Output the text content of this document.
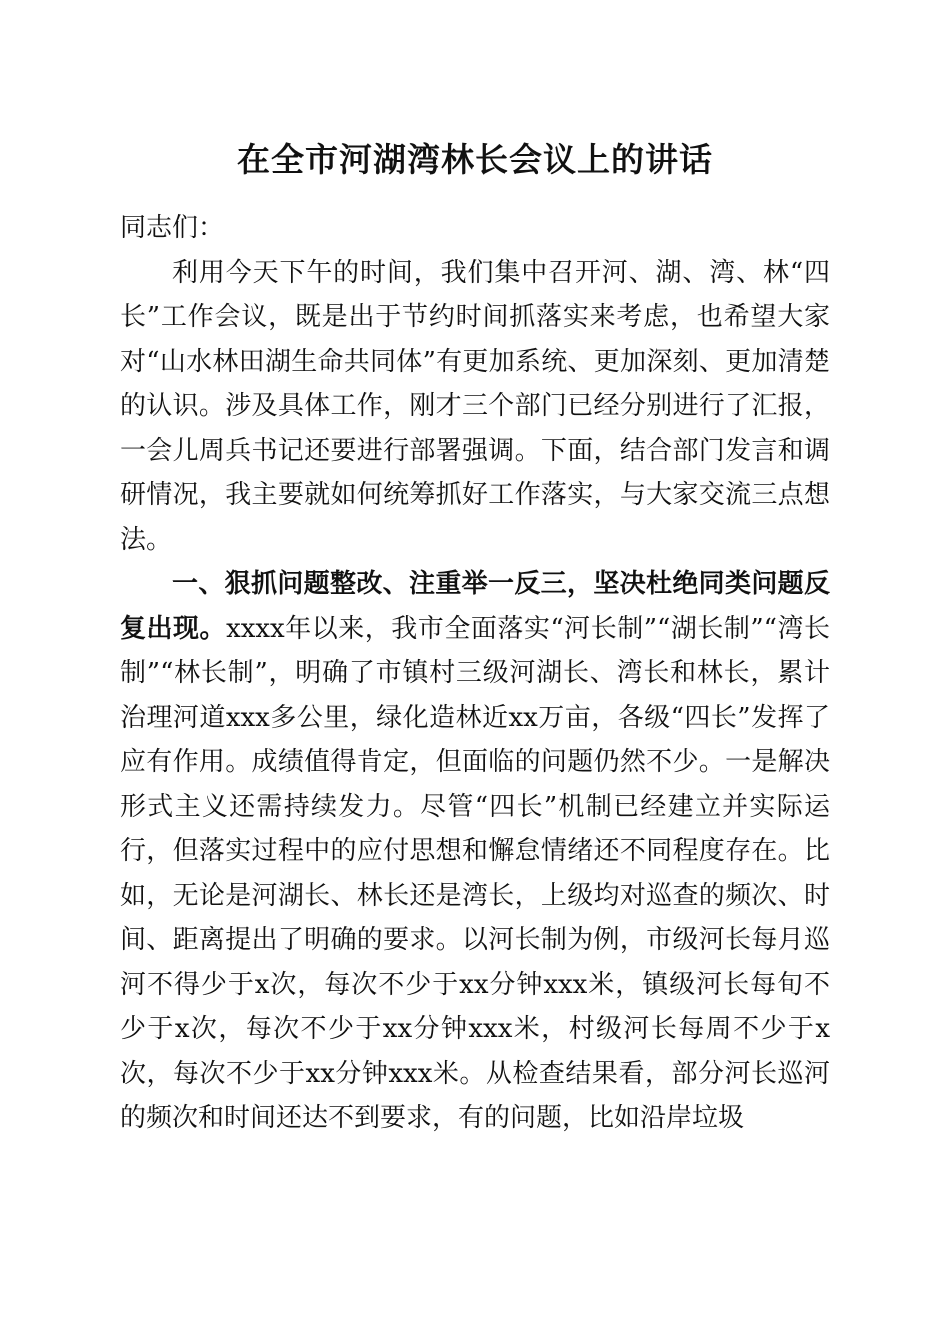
在全市河湖湾林长会议上的讲话

同志们：

利用今天下午的时间，我们集中召开河、湖、湾、林“四长”工作会议，既是出于节约时间抓落实来考虑，也希望大家对“山水林田湖生命共同体”有更加系统、更加深刻、更加清楚的认识。涉及具体工作，刚才三个部门已经分别进行了汇报，一会儿周兵书记还要进行部署强调。下面，结合部门发言和调研情况，我主要就如何统筹抓好工作落实，与大家交流三点想法。

一、狠抓问题整改、注重举一反三，坚决杜绝同类问题反复出现。xxxx年以来，我市全面落实“河长制”“湖长制”“湾长制”“林长制”，明确了市镇村三级河湖长、湾长和林长，累计治理河道xxx多公里，绿化造林近xx万亩，各级“四长”发挥了应有作用。成绩值得肯定，但面临的问题仍然不少。一是解决形式主义还需持续发力。尽管“四长”机制已经建立并实际运行，但落实过程中的应付思想和懈怠情绪还不同程度存在。比如，无论是河湖长、林长还是湾长，上级均对巡查的频次、时间、距离提出了明确的要求。以河长制为例，市级河长每月巡河不得少于x次，每次不少于xx分钟xxx米，镇级河长每旬不少于x次，每次不少于xx分钟xxx米，村级河长每周不少于x次，每次不少于xx分钟xxx米。从检查结果看，部分河长巡河的频次和时间还达不到要求，有的问题，比如沿岸垃圾
